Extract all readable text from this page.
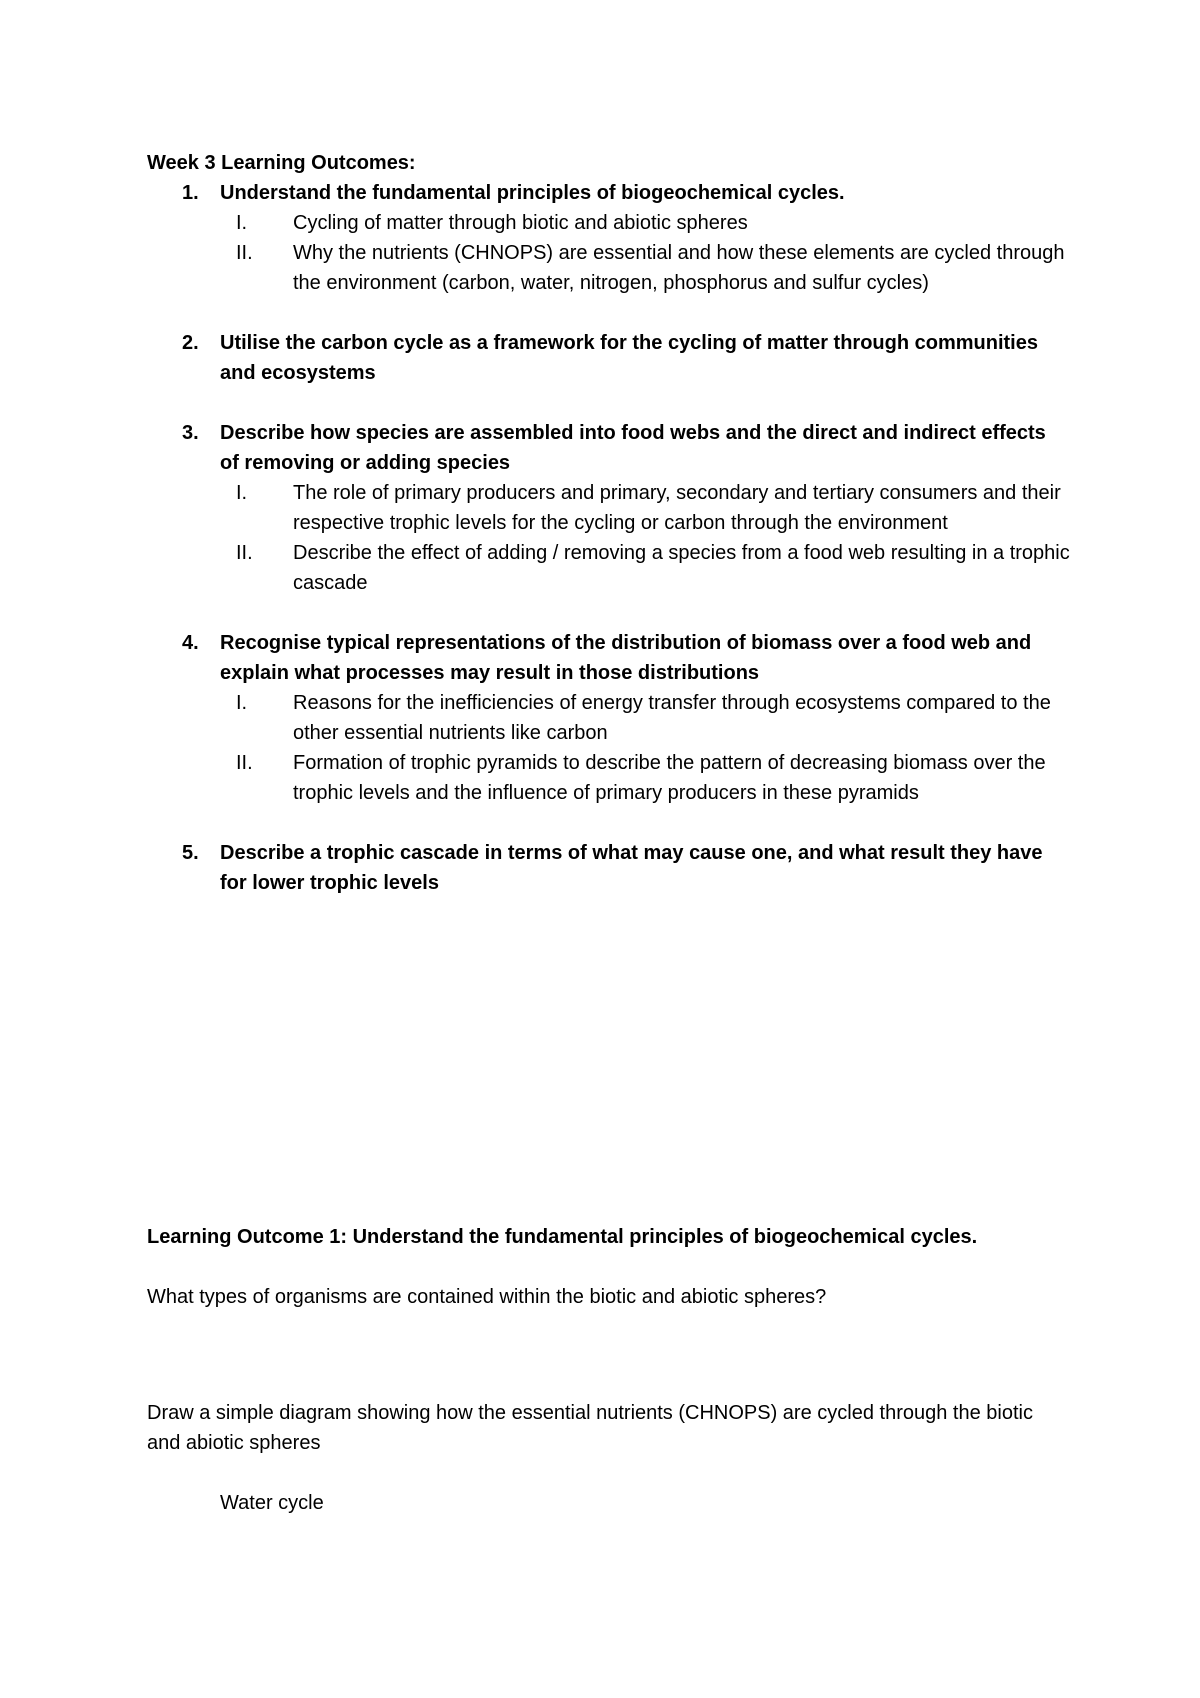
Week 3 Learning Outcomes:
1. Understand the fundamental principles of biogeochemical cycles.
I.	Cycling of matter through biotic and abiotic spheres
II.	Why the nutrients (CHNOPS) are essential and how these elements are cycled through the environment (carbon, water, nitrogen, phosphorus and sulfur cycles)
2. Utilise the carbon cycle as a framework for the cycling of matter through communities and ecosystems
3. Describe how species are assembled into food webs and the direct and indirect effects of removing or adding species
I.	The role of primary producers and primary, secondary and tertiary consumers and their respective trophic levels for the cycling or carbon through the environment
II.	Describe the effect of adding / removing a species from a food web resulting in a trophic cascade
4. Recognise typical representations of the distribution of biomass over a food web and explain what processes may result in those distributions
I.	Reasons for the inefficiencies of energy transfer through ecosystems compared to the other essential nutrients like carbon
II.	Formation of trophic pyramids to describe the pattern of decreasing biomass over the trophic levels and the influence of primary producers in these pyramids
5. Describe a trophic cascade in terms of what may cause one, and what result they have for lower trophic levels
Learning Outcome 1: Understand the fundamental principles of biogeochemical cycles.
What types of organisms are contained within the biotic and abiotic spheres?
Draw a simple diagram showing how the essential nutrients (CHNOPS) are cycled through the biotic and abiotic spheres
Water cycle
